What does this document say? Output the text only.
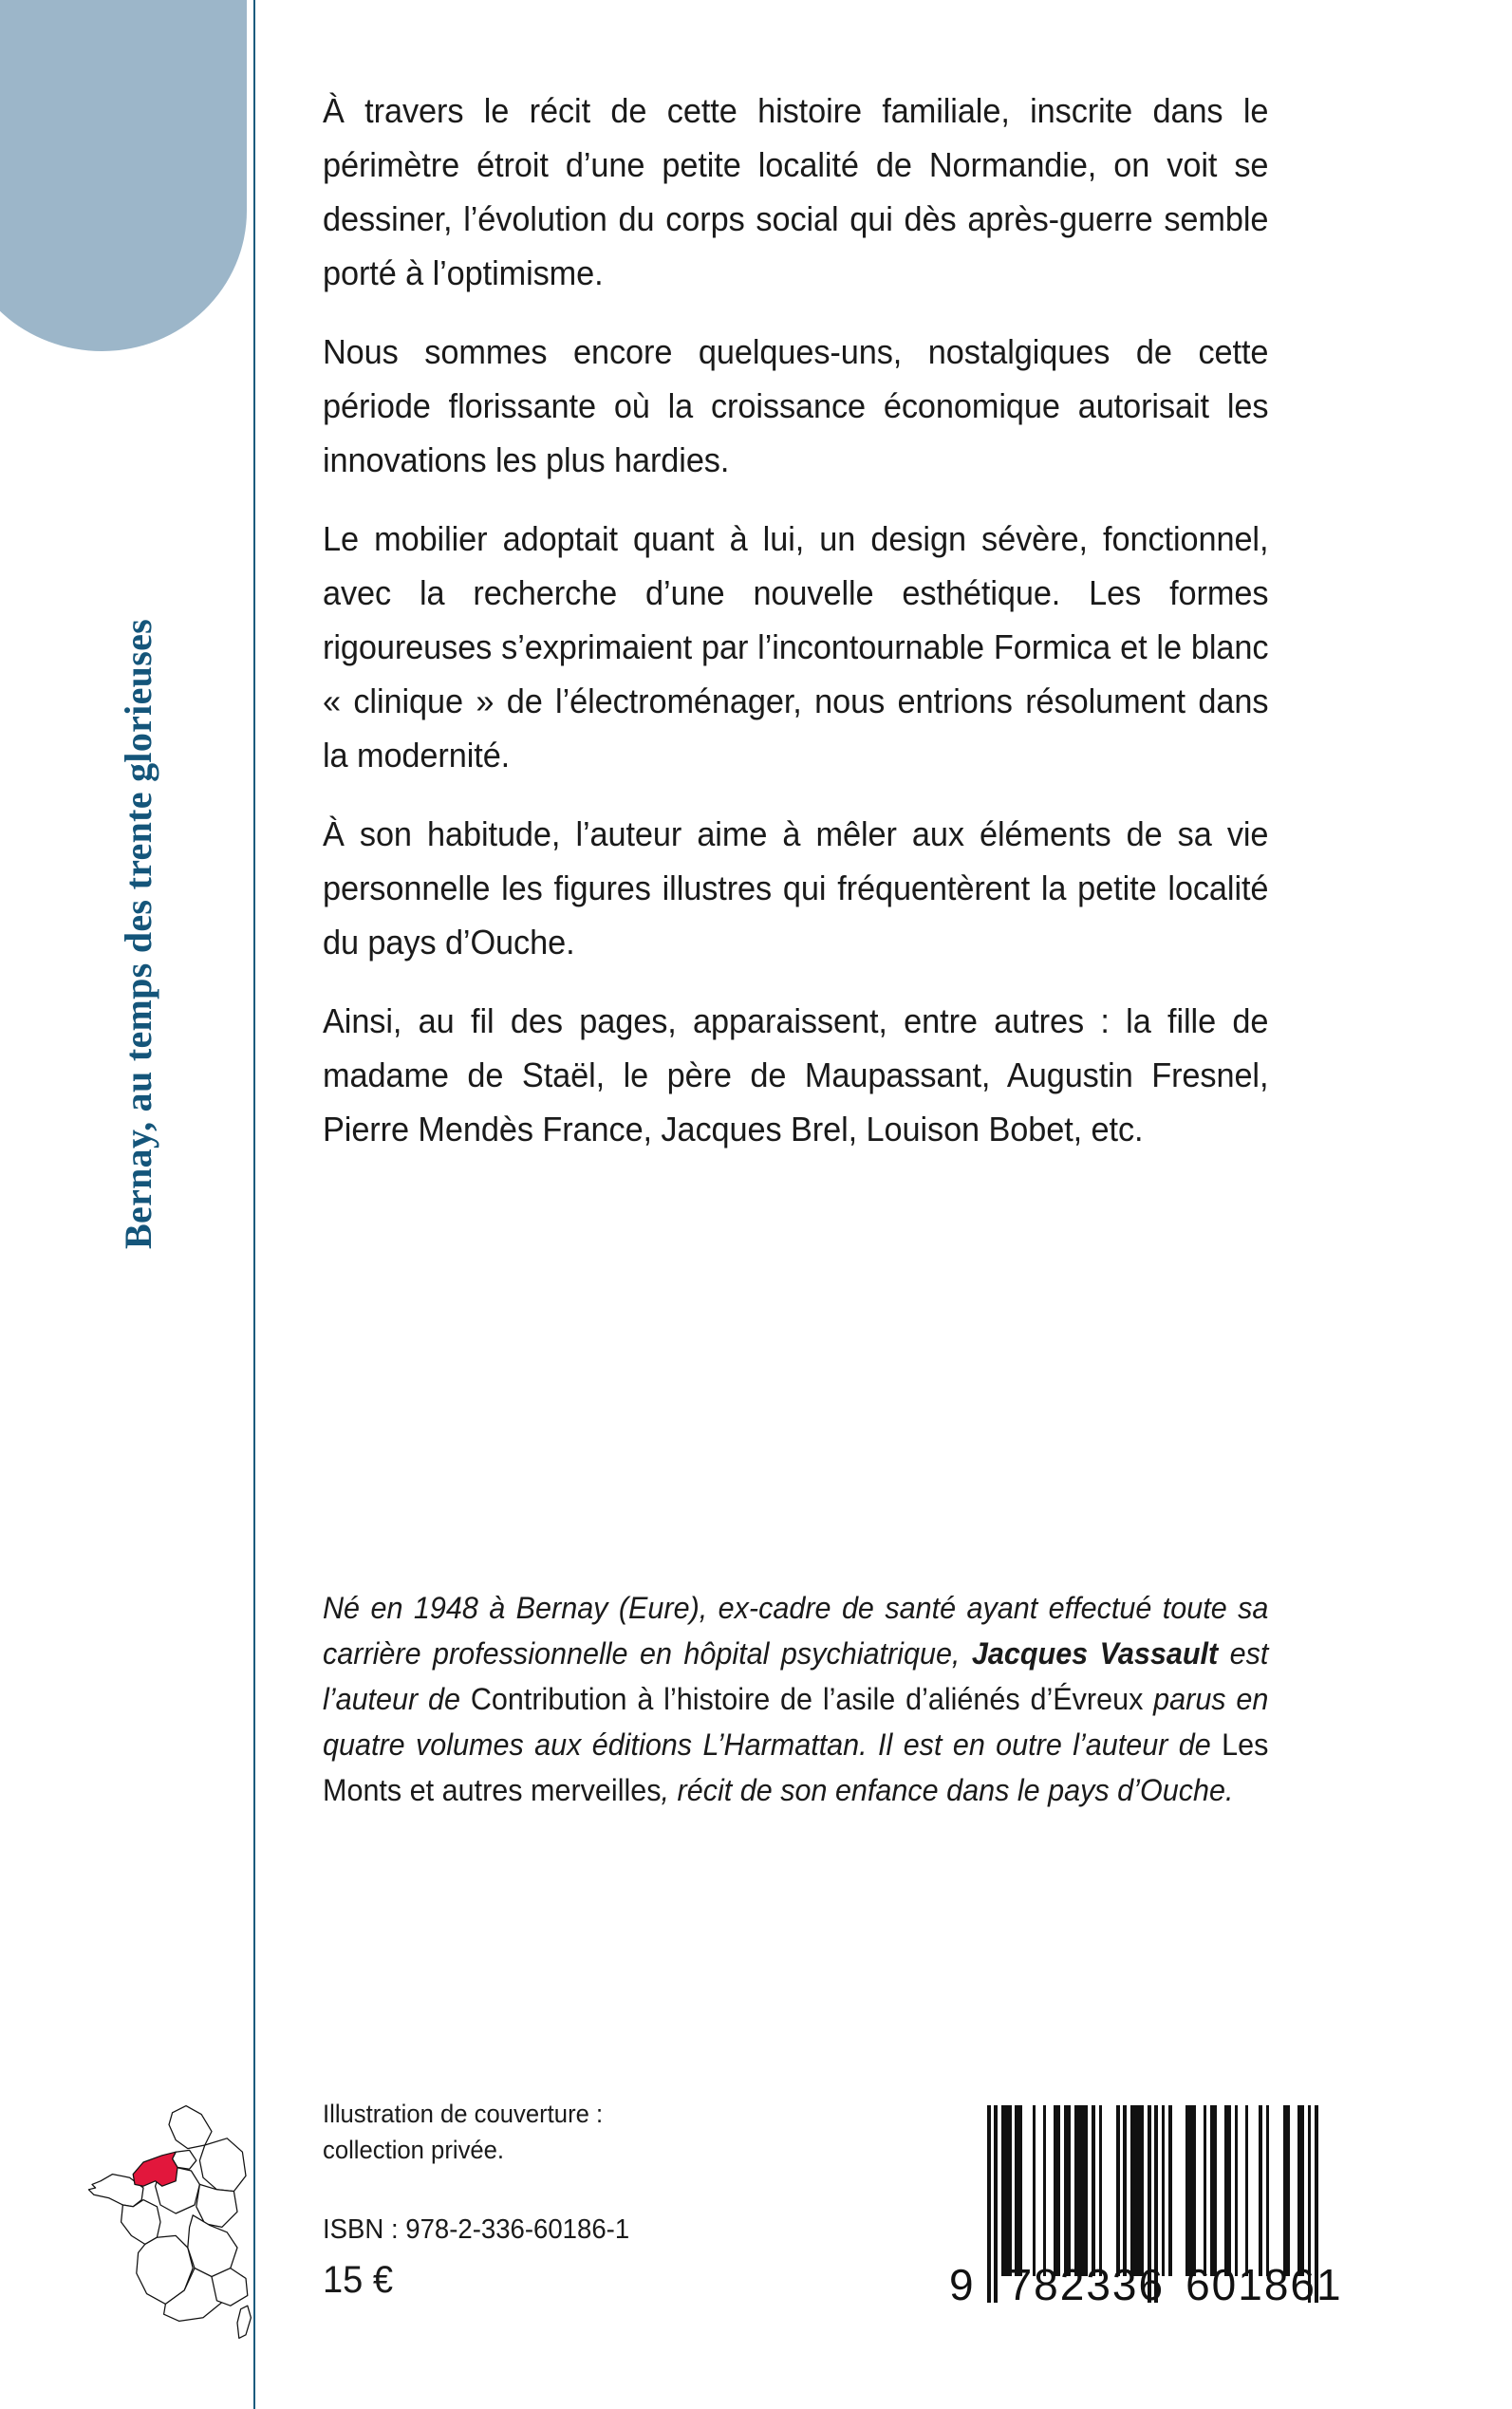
Bernay, au temps des trente glorieuses

À travers le récit de cette histoire familiale, inscrite dans le périmètre étroit d’une petite localité de Normandie, on voit se dessiner, l’évolution du corps social qui dès après-guerre semble porté à l’optimisme.

Nous sommes encore quelques-uns, nostalgiques de cette période florissante où la croissance économique autorisait les innovations les plus hardies.

Le mobilier adoptait quant à lui, un design sévère, fonctionnel, avec la recherche d’une nouvelle esthétique. Les formes rigoureuses s’exprimaient par l’incontournable Formica et le blanc « clinique » de l’électroménager, nous entrions résolument dans la modernité.

À son habitude, l’auteur aime à mêler aux éléments de sa vie personnelle les figures illustres qui fréquentèrent la petite localité du pays d’Ouche.

Ainsi, au fil des pages, apparaissent, entre autres : la fille de madame de Staël, le père de Maupassant, Augustin Fresnel, Pierre Mendès France, Jacques Brel, Louison Bobet, etc.

Né en 1948 à Bernay (Eure), ex-cadre de santé ayant effectué toute sa carrière professionnelle en hôpital psychiatrique, Jacques Vassault est l’auteur de Contribution à l’histoire de l’asile d’aliénés d’Évreux parus en quatre volumes aux éditions L’Harmattan. Il est en outre l’auteur de Les Monts et autres merveilles, récit de son enfance dans le pays d’Ouche.

Illustration de couverture :
collection privée.
ISBN : 978-2-336-60186-1
15 €	9 782336 601861
